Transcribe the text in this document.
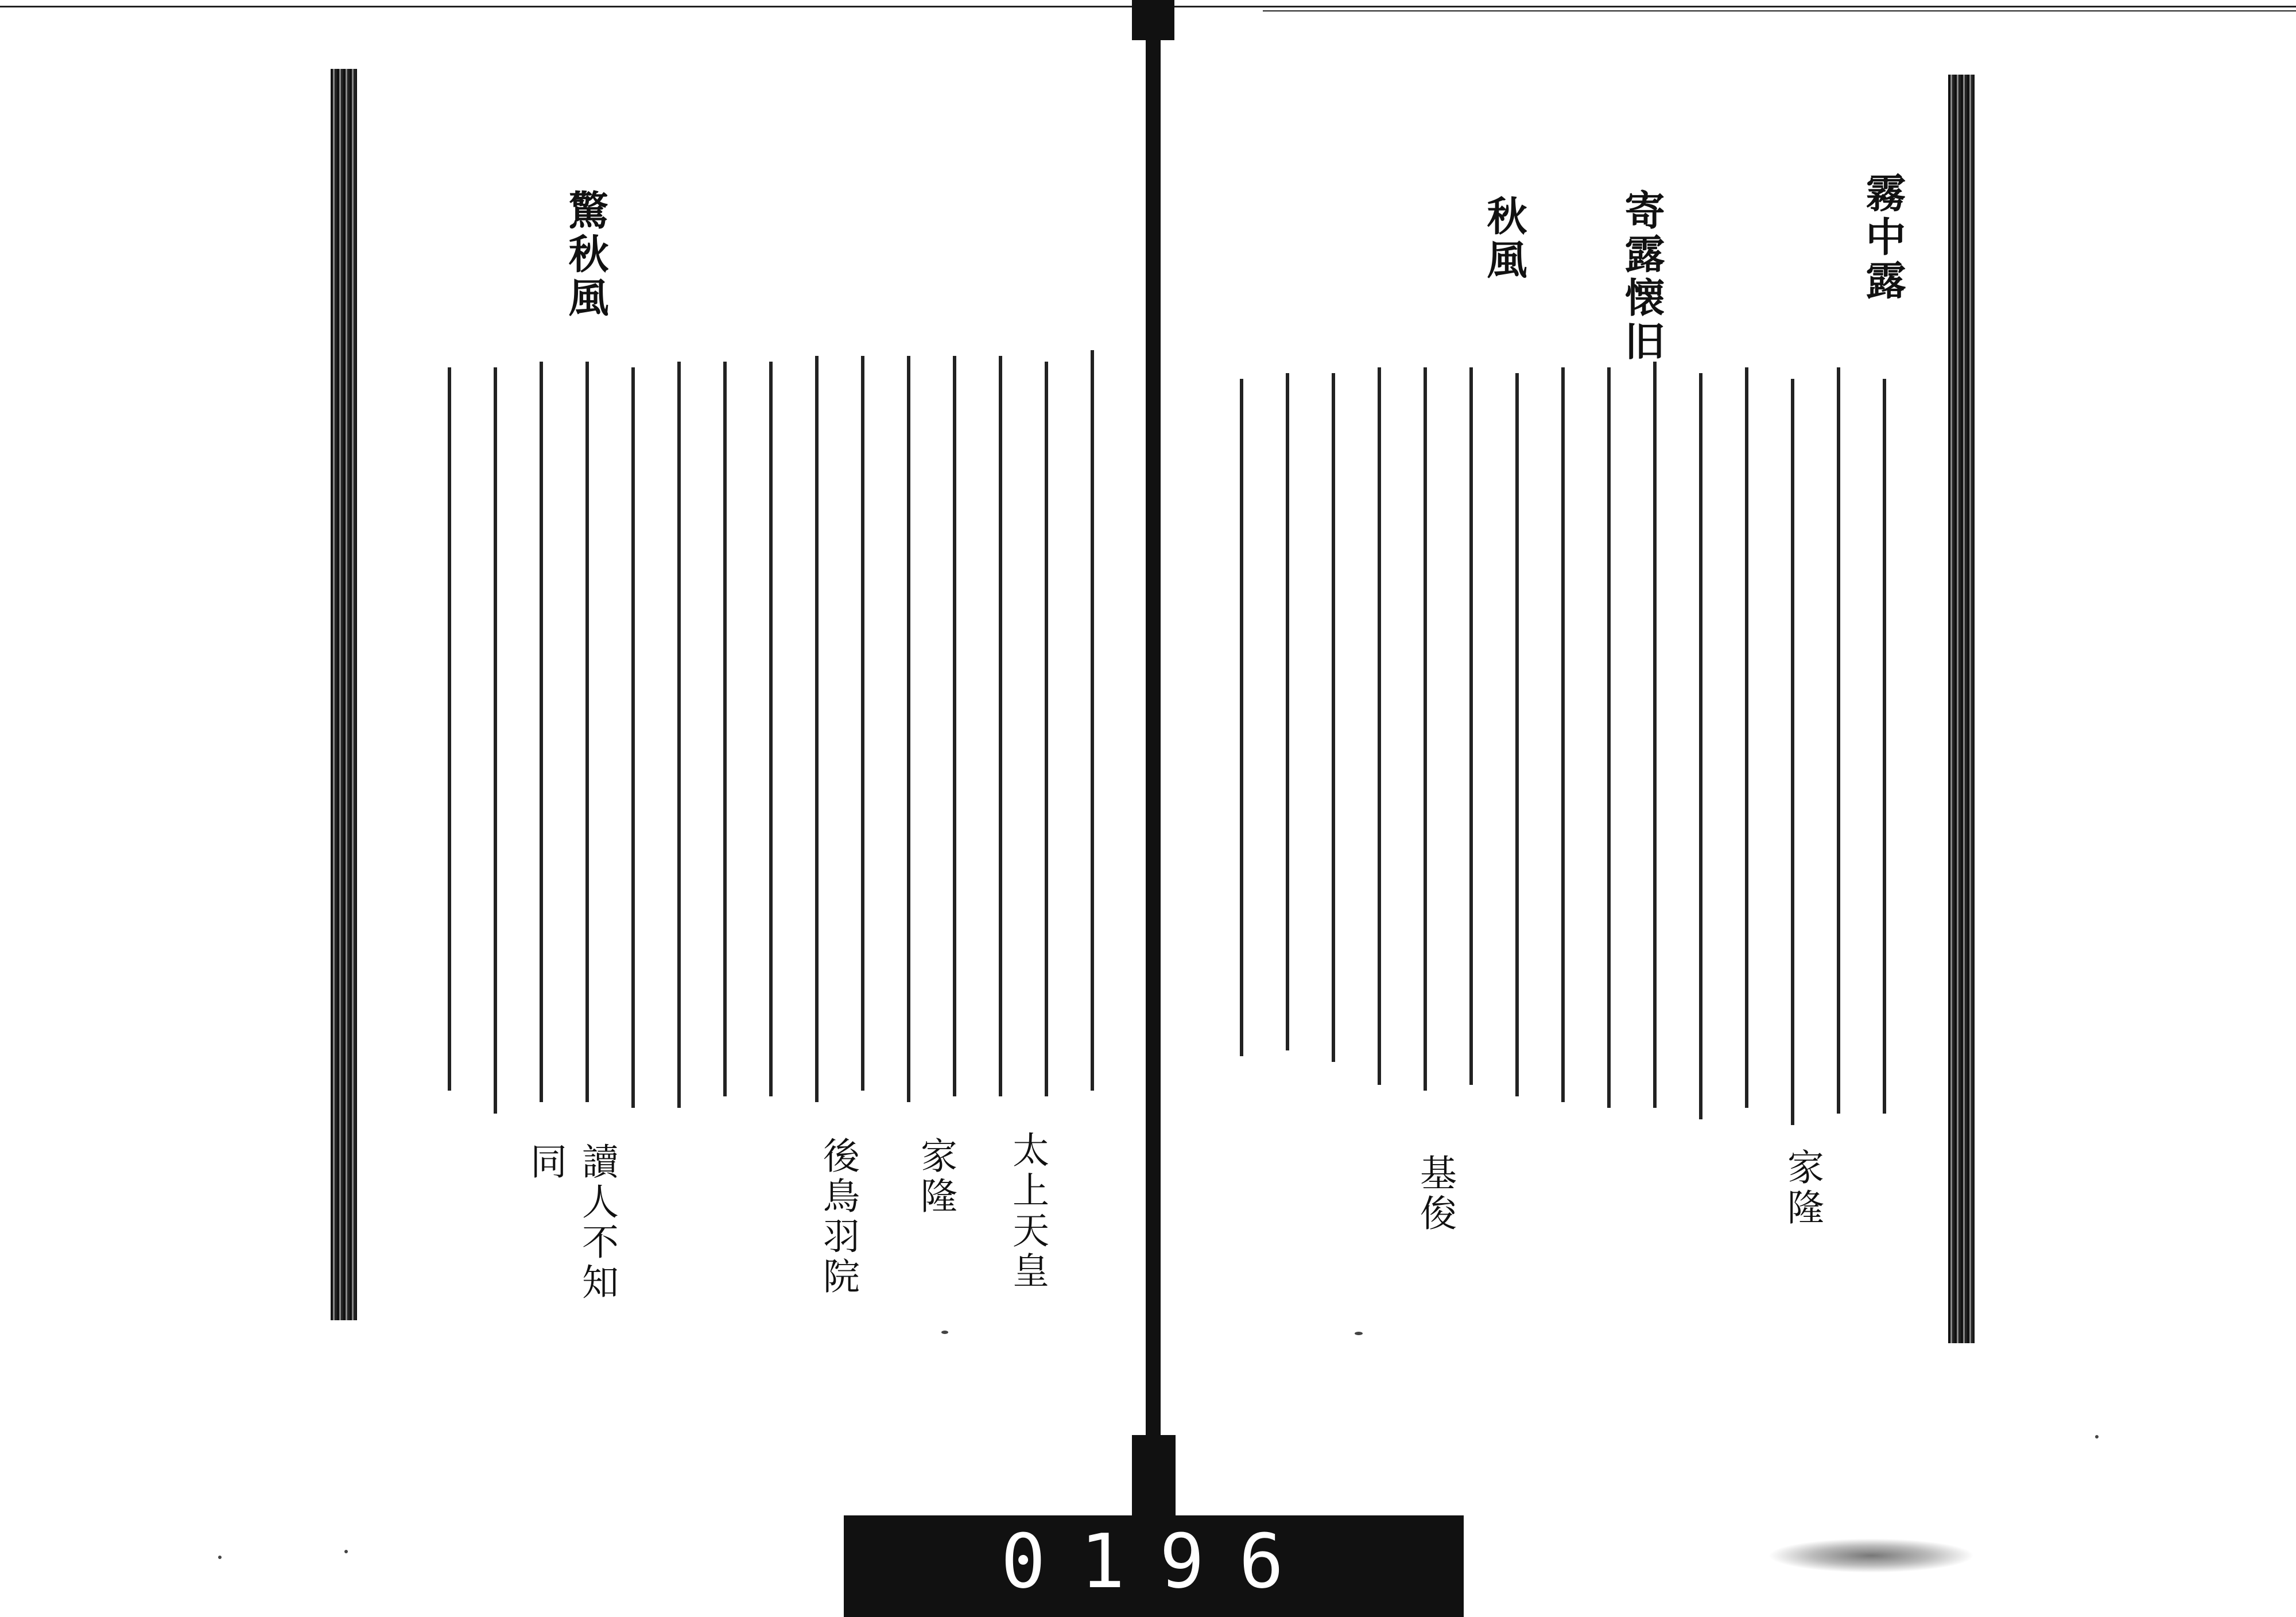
0196
霧中露
寄露懐旧
秋風
家隆
基俊
驚秋風
太上天皇
家隆
後鳥羽院
讀人不知
同
